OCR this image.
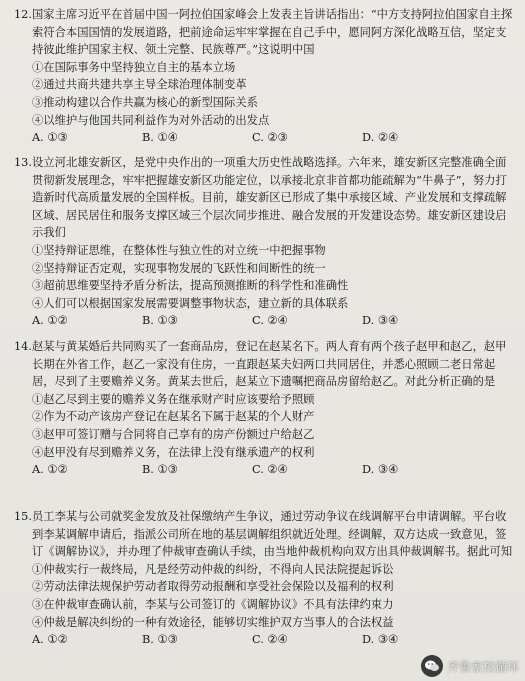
12.国家主席习近平在首届中国一阿拉伯国家峰会上发表主旨讲话指出：“中方支持阿拉伯国家自主探索符合本国国情的发展道路，把前途命运牢牢掌握在自己手中，愿同阿方深化战略互信，坚定支持彼此维护国家主权、领土完整、民族尊严。”这说明中国

①在国际事务中坚持独立自主的基本立场

②通过共商共建共享主导全球治理体制变革

③推动构建以合作共赢为核心的新型国际关系

④以维护与他国共同利益作为对外活动的出发点

A. ①③	B. ①④	C. ②③	D. ②④

13.设立河北雄安新区，是党中央作出的一项重大历史性战略选择。六年来，雄安新区完整准确全面贯彻新发展理念，牢牢把握雄安新区功能定位，以承接北京非首都功能疏解为“牛鼻子”，努力打造新时代高质量发展的全国样板。目前，雄安新区已形成了集中承接区域、产业发展和支撑疏解区域、居民居住和服务支撑区域三个层次同步推进、融合发展的开发建设态势。雄安新区建设启示我们

①坚持辩证思维，在整体性与独立性的对立统一中把握事物

②坚持辩证否定观，实现事物发展的飞跃性和间断性的统一

③超前思维要坚持矛盾分析法，提高预测推断的科学性和准确性

④人们可以根据国家发展需要调整事物状态，建立新的具体联系

A. ①②	B. ①③	C. ②④	D. ③④

14.赵某与黄某婚后共同购买了一套商品房，登记在赵某名下。两人育有两个孩子赵甲和赵乙，赵甲长期在外省工作，赵乙一家没有住房，一直跟赵某夫妇两口共同居住，并悉心照顾二老日常起居，尽到了主要赡养义务。黄某去世后，赵某立下遗嘱把商品房留给赵乙。对此分析正确的是

①赵乙尽到主要的赡养义务在继承财产时应该要给予照顾

②作为不动产该房产登记在赵某名下属于赵某的个人财产

③赵甲可签订赠与合同将自己享有的房产份额过户给赵乙

④赵甲没有尽到赡养义务，在法律上没有继承遗产的权利

A. ①②	B. ①③	C. ②④	D. ③④

15.员工李某与公司就奖金发放及社保缴纳产生争议，通过劳动争议在线调解平台申请调解。平台收到李某调解申请后，指派公司所在地的基层调解组织就近处理。经调解，双方达成一致意见，签订《调解协议》，并办理了仲裁审查确认手续，由当地仲裁机构向双方出具仲裁调解书。据此可知

①仲裁实行一裁终局，凡是经劳动仲裁的纠纷，不得向人民法院提起诉讼

②劳动法律法规保护劳动者取得劳动报酬和享受社会保险以及福利的权利

③在仲裁审查确认前，李某与公司签订的《调解协议》不具有法律约束力

④仲裁是解决纠纷的一种有效途径，能够切实维护双方当事人的合法权益

A. ①②	B. ①③	C. ②④	D. ③④
齐鲁家校循环
